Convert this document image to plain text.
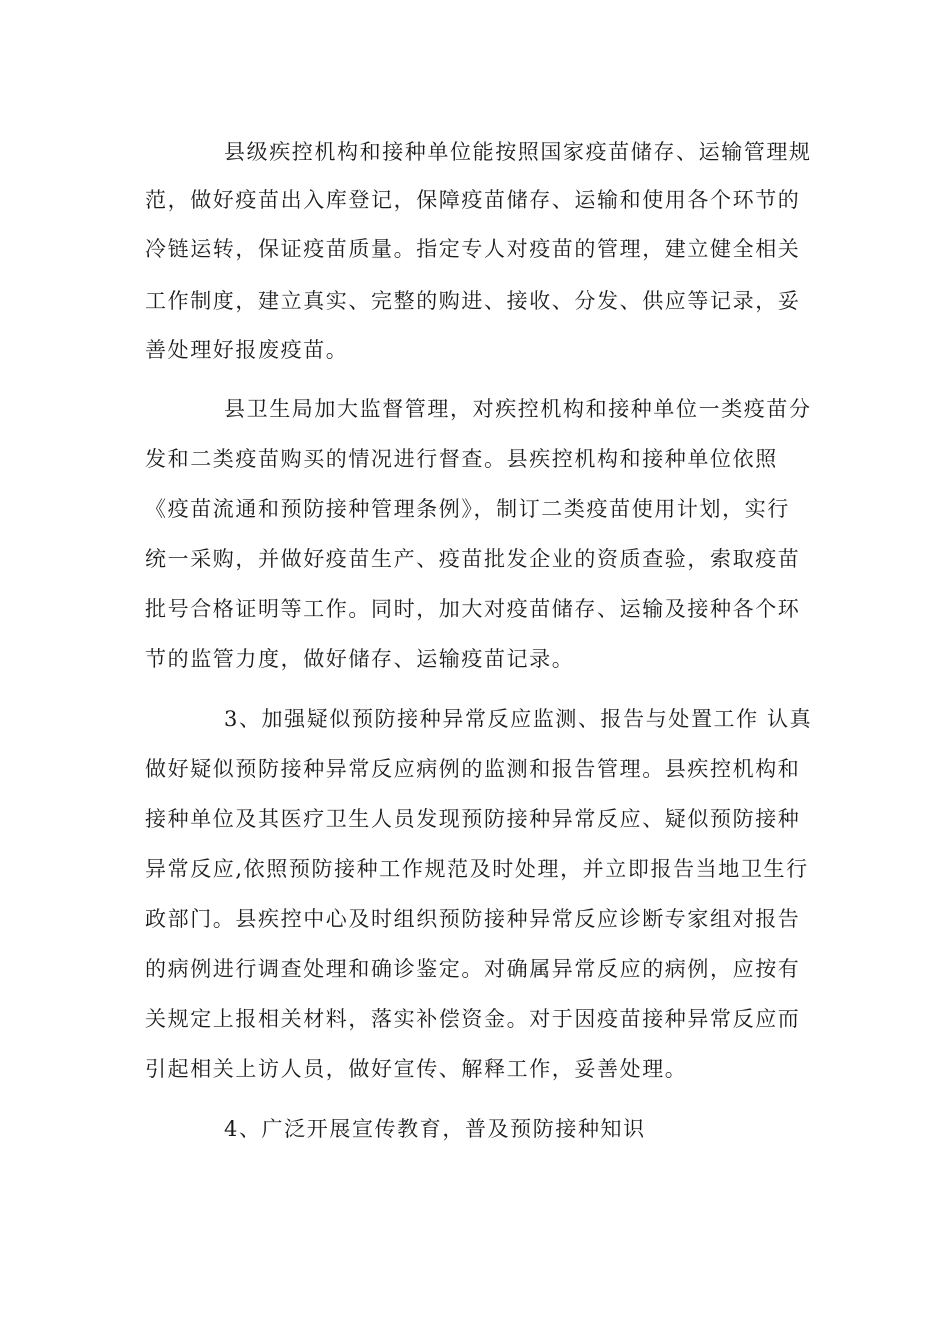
县级疾控机构和接种单位能按照国家疫苗储存、运输管理规
范，做好疫苗出入库登记，保障疫苗储存、运输和使用各个环节的
冷链运转，保证疫苗质量。指定专人对疫苗的管理，建立健全相关
工作制度，建立真实、完整的购进、接收、分发、供应等记录，妥
善处理好报废疫苗。
县卫生局加大监督管理，对疾控机构和接种单位一类疫苗分
发和二类疫苗购买的情况进行督查。县疾控机构和接种单位依照
《疫苗流通和预防接种管理条例》，制订二类疫苗使用计划，实行
统一采购，并做好疫苗生产、疫苗批发企业的资质查验，索取疫苗
批号合格证明等工作。同时，加大对疫苗储存、运输及接种各个环
节的监管力度，做好储存、运输疫苗记录。
3、加强疑似预防接种异常反应监测、报告与处置工作 认真
做好疑似预防接种异常反应病例的监测和报告管理。县疾控机构和
接种单位及其医疗卫生人员发现预防接种异常反应、疑似预防接种
异常反应,依照预防接种工作规范及时处理，并立即报告当地卫生行
政部门。县疾控中心及时组织预防接种异常反应诊断专家组对报告
的病例进行调查处理和确诊鉴定。对确属异常反应的病例，应按有
关规定上报相关材料，落实补偿资金。对于因疫苗接种异常反应而
引起相关上访人员，做好宣传、解释工作，妥善处理。
4、广泛开展宣传教育，普及预防接种知识
